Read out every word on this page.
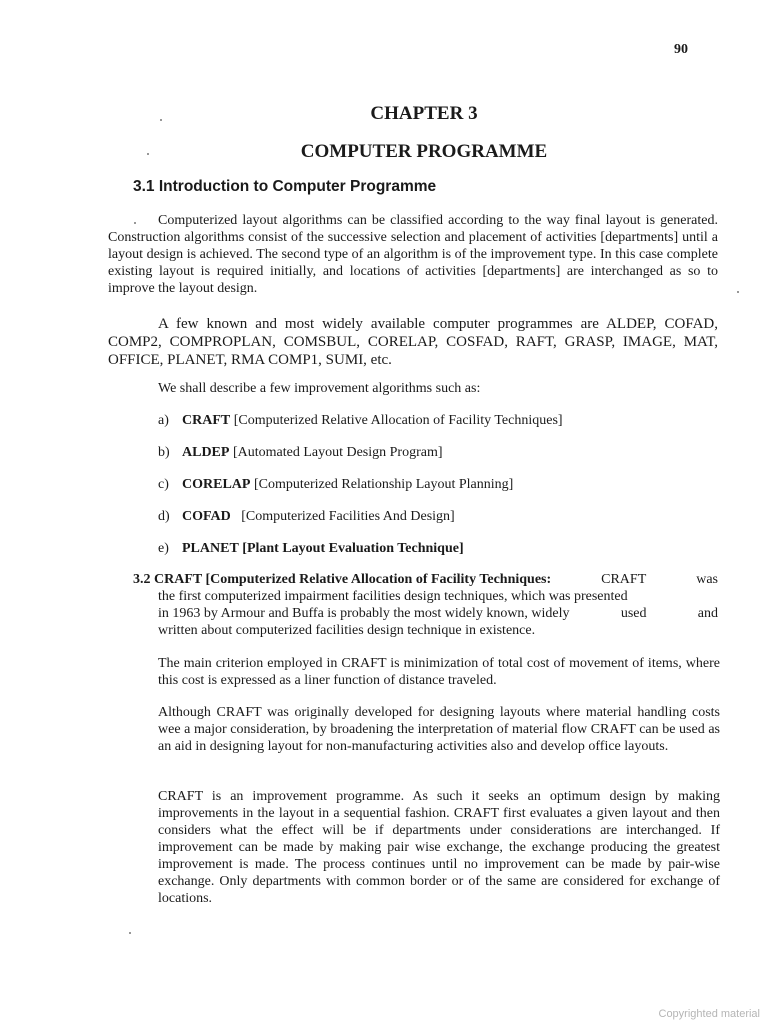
90
CHAPTER 3
COMPUTER PROGRAMME
3.1 Introduction to Computer Programme

Computerized layout algorithms can be classified according to the way final layout is generated. Construction algorithms consist of the successive selection and placement of activities [departments] until a layout design is achieved. The second type of an algorithm is of the improvement type. In this case complete existing layout is required initially, and locations of activities [departments] are interchanged as so to improve the layout design.

A few known and most widely available computer programmes are ALDEP, COFAD, COMP2, COMPROPLAN, COMSBUL, CORELAP, COSFAD, RAFT, GRASP, IMAGE, MAT, OFFICE, PLANET, RMA COMP1, SUMI, etc.

We shall describe a few improvement algorithms such as:

a) CRAFT [Computerized Relative Allocation of Facility Techniques]

b) ALDEP [Automated Layout Design Program]

c) CORELAP [Computerized Relationship Layout Planning]

d) COFAD [Computerized Facilities And Design]

e) PLANET [Plant Layout Evaluation Technique]

3.2 CRAFT [Computerized Relative Allocation of Facility Techniques:	CRAFT	was

the first computerized impairment facilities design techniques, which was presented

in 1963 by Armour and Buffa is probably the most widely known, widely	used	and

written about computerized facilities design technique in existence.

The main criterion employed in CRAFT is minimization of total cost of movement of items, where this cost is expressed as a liner function of distance traveled.

Although CRAFT was originally developed for designing layouts where material handling costs wee a major consideration, by broadening the interpretation of material flow CRAFT can be used as an aid in designing layout for non-manufacturing activities also and develop office layouts.

CRAFT is an improvement programme. As such it seeks an optimum design by making improvements in the layout in a sequential fashion. CRAFT first evaluates a given layout and then considers what the effect will be if departments under considerations are interchanged. If improvement can be made by making pair wise exchange, the exchange producing the greatest improvement is made. The process continues until no improvement can be made by pair-wise exchange. Only departments with common border or of the same are considered for exchange of locations.

Copyrighted material
